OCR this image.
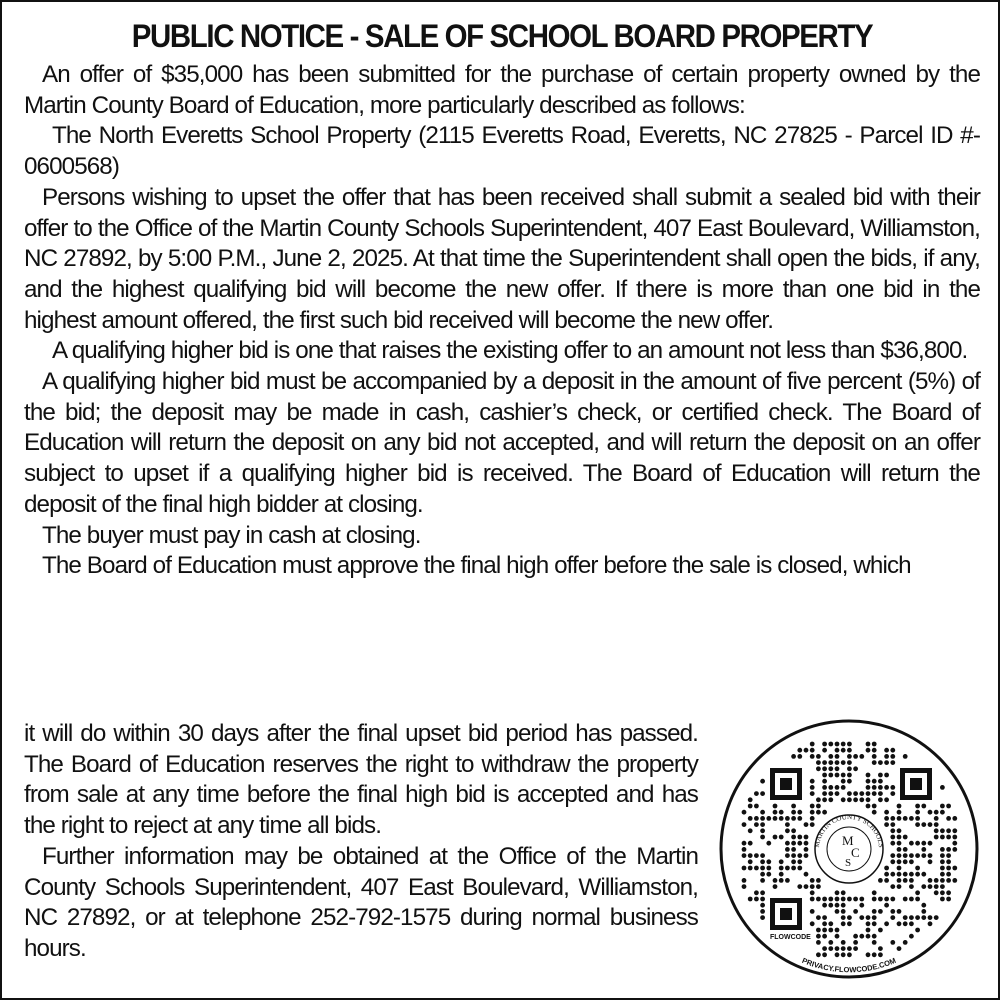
PUBLIC NOTICE - SALE OF SCHOOL BOARD PROPERTY

An offer of $35,000 has been submitted for the purchase of certain property owned by the Martin County Board of Education, more particularly described as follows:

The North Everetts School Property (2115 Everetts Road, Everetts, NC 27825 - Parcel ID #- 0600568)

Persons wishing to upset the offer that has been received shall submit a sealed bid with their offer to the Office of the Martin County Schools Superintendent, 407 East Boulevard, Williamston, NC 27892, by 5:00 P.M., June 2, 2025. At that time the Superintendent shall open the bids, if any, and the highest qualifying bid will become the new offer. If there is more than one bid in the highest amount offered, the first such bid received will become the new offer.

A qualifying higher bid is one that raises the existing offer to an amount not less than $36,800.

A qualifying higher bid must be accompanied by a deposit in the amount of five percent (5%) of the bid; the deposit may be made in cash, cashier’s check, or certified check. The Board of Education will return the deposit on any bid not accepted, and will return the deposit on an offer subject to upset if a qualifying higher bid is received. The Board of Education will return the deposit of the final high bidder at closing.

The buyer must pay in cash at closing.

The Board of Education must approve the final high offer before the sale is closed, which

it will do within 30 days after the final upset bid period has passed. The Board of Education reserves the right to withdraw the property from sale at any time before the final high bid is accepted and has the right to reject at any time all bids.

Further information may be obtained at the Office of the Martin County Schools Superintendent, 407 East Boulevard, Williamston, NC 27892, or at telephone 252-792-1575 during normal business hours.

MARTIN COUNTY SCHOOLS
M
C
S
FLOWCODE
PRIVACY.FLOWCODE.COM
